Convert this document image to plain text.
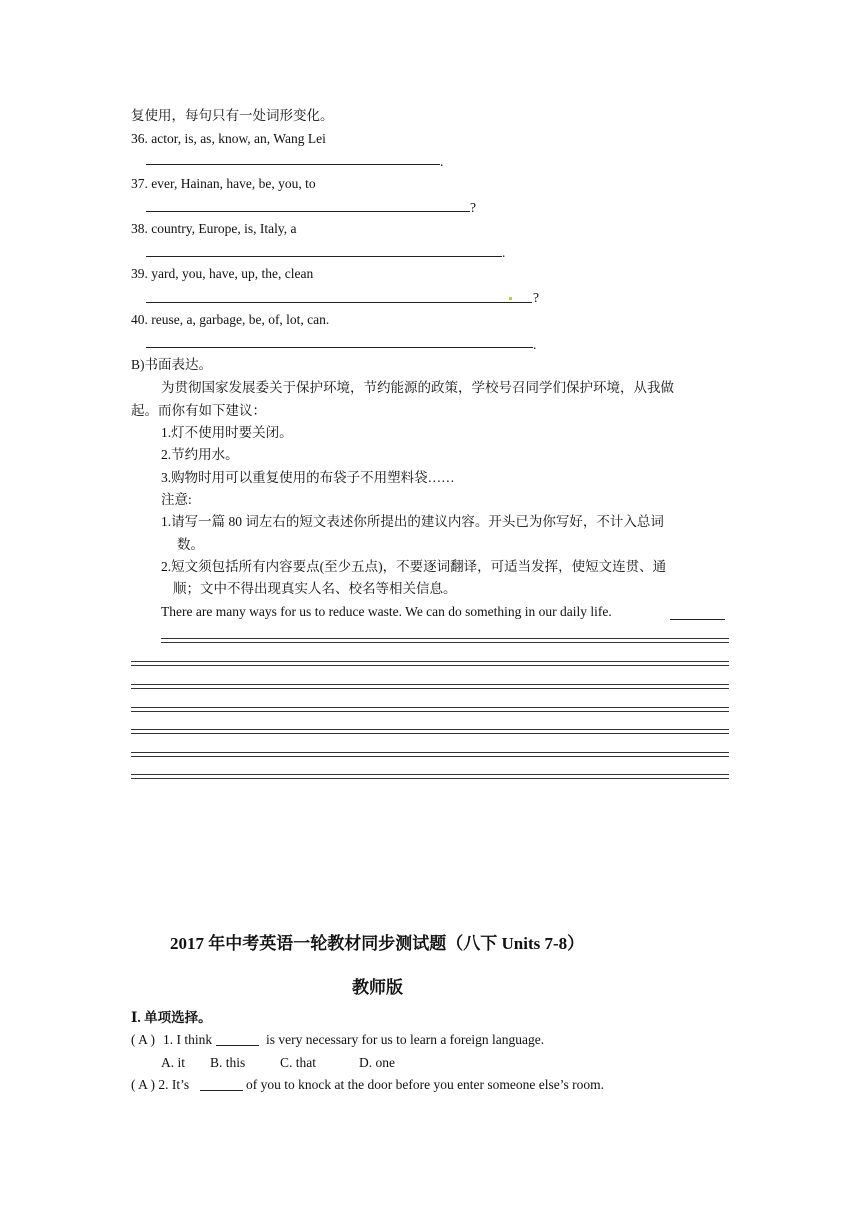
复使用，每句只有一处词形变化。
36. actor, is, as, know, an, Wang Lei
.
37. ever, Hainan, have, be, you, to
?
38. country, Europe, is, Italy, a
.
39. yard, you, have, up, the, clean
?
40. reuse, a, garbage, be, of, lot, can.
.
B)书面表达。
为贯彻国家发展委关于保护环境，节约能源的政策，学校号召同学们保护环境，从我做
起。而你有如下建议：
1.灯不使用时要关闭。
2.节约用水。
3.购物时用可以重复使用的布袋子不用塑料袋……
注意:
1.请写一篇 80 词左右的短文表述你所提出的建议内容。开头已为你写好，不计入总词
数。
2.短文须包括所有内容要点(至少五点)，不要逐词翻译，可适当发挥，使短文连贯、通
顺；文中不得出现真实人名、校名等相关信息。
There are many ways for us to reduce waste. We can do something in our daily life.
2017 年中考英语一轮教材同步测试题（八下 Units 7-8）
教师版
Ⅰ. 单项选择。
( A ) 1. I think	is very necessary for us to learn a foreign language.
A. it B. this	C. that	D. one
( A ) 2. It’s	of you to knock at the door before you enter someone else’s room.
